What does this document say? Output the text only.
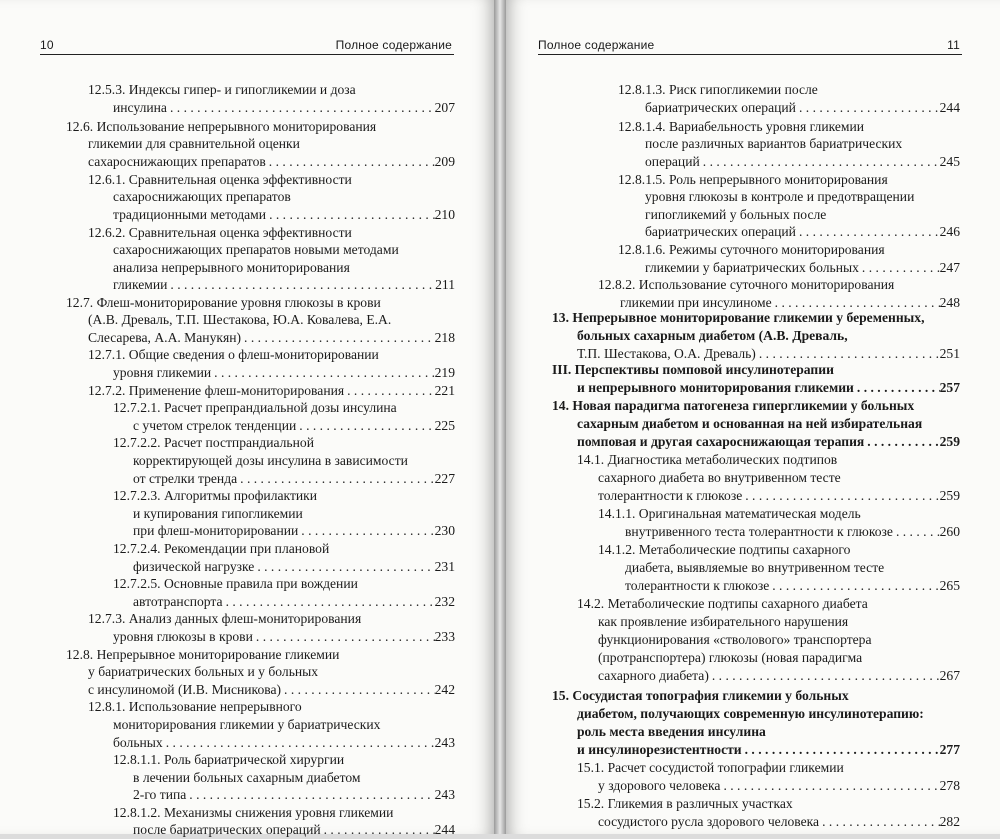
10	Полное содержание	Полное содержание	11
12.5.3. Индексы гипер- и гипогликемии и доза
инсулина . . .	207
12.6. Использование непрерывного мониторирования
гликемии для сравнительной оценки
сахароснижающих препаратов . . .	209
12.6.1. Сравнительная оценка эффективности
сахароснижающих препаратов
традиционными методами . . .	210
12.6.2. Сравнительная оценка эффективности
сахароснижающих препаратов новыми методами
анализа непрерывного мониторирования
гликемии . . .	211
12.7. Флеш-мониторирование уровня глюкозы в крови
(А.В. Древаль, Т.П. Шестакова, Ю.А. Ковалева, Е.А.
Слесарева, А.А. Манукян) . . .	218
12.7.1. Общие сведения о флеш-мониторировании
уровня гликемии . . .	219
12.7.2. Применение флеш-мониторирования . . .	221
12.7.2.1. Расчет препрандиальной дозы инсулина
с учетом стрелок тенденции . . .	225
12.7.2.2. Расчет постпрандиальной
корректирующей дозы инсулина в зависимости
от стрелки тренда . . .	227
12.7.2.3. Алгоритмы профилактики
и купирования гипогликемии
при флеш-мониторировании . . .	230
12.7.2.4. Рекомендации при плановой
физической нагрузке . . .	231
12.7.2.5. Основные правила при вождении
автотранспорта . . .	232
12.7.3. Анализ данных флеш-мониторирования
уровня глюкозы в крови . . .	233
12.8. Непрерывное мониторирование гликемии
у бариатрических больных и у больных
с инсулиномой (И.В. Мисникова) . . .	242
12.8.1. Использование непрерывного
мониторирования гликемии у бариатрических
больных . . .	243
12.8.1.1. Роль бариатрической хирургии
в лечении больных сахарным диабетом
2-го типа . . .	243
12.8.1.2. Механизмы снижения уровня гликемии
после бариатрических операций . . .	244
12.8.1.3. Риск гипогликемии после
бариатрических операций . . .	244
12.8.1.4. Вариабельность уровня гликемии
после различных вариантов бариатрических
операций . . .	245
12.8.1.5. Роль непрерывного мониторирования
уровня глюкозы в контроле и предотвращении
гипогликемий у больных после
бариатрических операций . . .	246
12.8.1.6. Режимы суточного мониторирования
гликемии у бариатрических больных . . .	247
12.8.2. Использование суточного мониторирования
гликемии при инсулиноме . . .	248
13. Непрерывное мониторирование гликемии у беременных,
больных сахарным диабетом (А.В. Древаль,
Т.П. Шестакова, О.А. Древаль) . . .	251
III. Перспективы помповой инсулинотерапии
и непрерывного мониторирования гликемии . . .	257
14. Новая парадигма патогенеза гипергликемии у больных
сахарным диабетом и основанная на ней избирательная
помповая и другая сахароснижающая терапия . . .	259
14.1. Диагностика метаболических подтипов
сахарного диабета во внутривенном тесте
толерантности к глюкозе . . .	259
14.1.1. Оригинальная математическая модель
внутривенного теста толерантности к глюкозе . . .	260
14.1.2. Метаболические подтипы сахарного
диабета, выявляемые во внутривенном тесте
толерантности к глюкозе . . .	265
14.2. Метаболические подтипы сахарного диабета
как проявление избирательного нарушения
функционирования «стволового» транспортера
(протранспортера) глюкозы (новая парадигма
сахарного диабета) . . .	267
15. Сосудистая топография гликемии у больных
диабетом, получающих современную инсулинотерапию:
роль места введения инсулина
и инсулинорезистентности . . .	277
15.1. Расчет сосудистой топографии гликемии
у здорового человека . . .	278
15.2. Гликемия в различных участках
сосудистого русла здорового человека . . .	282
